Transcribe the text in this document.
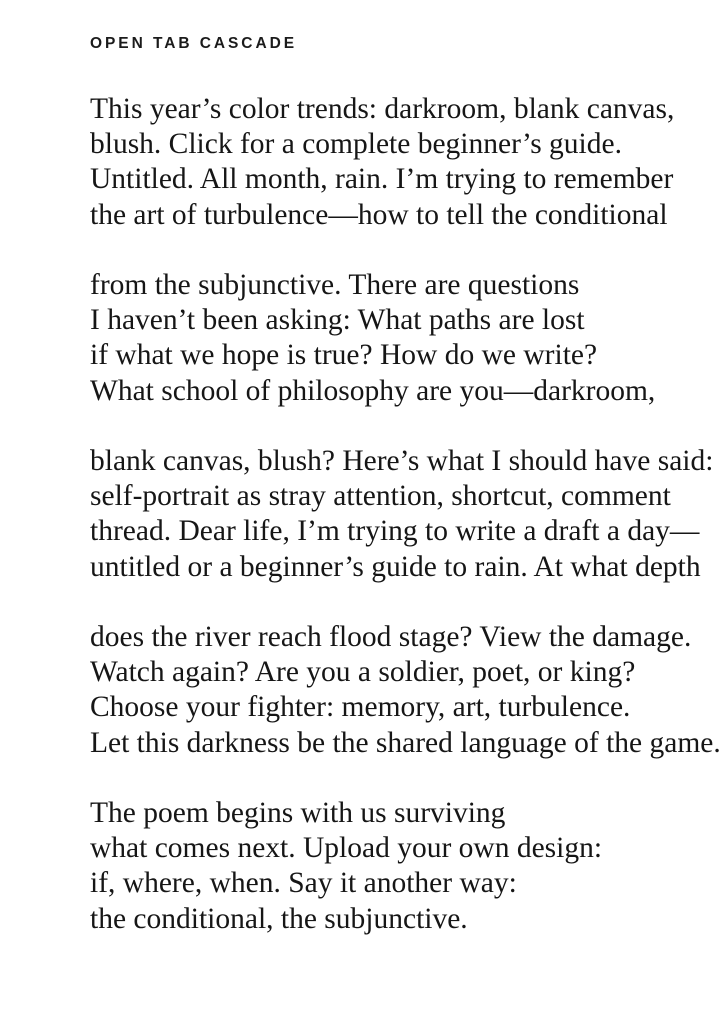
OPEN TAB CASCADE
This year’s color trends: darkroom, blank canvas,
blush. Click for a complete beginner’s guide.
Untitled. All month, rain. I’m trying to remember
the art of turbulence—how to tell the conditional
from the subjunctive. There are questions
I haven’t been asking: What paths are lost
if what we hope is true? How do we write?
What school of philosophy are you—darkroom,
blank canvas, blush? Here’s what I should have said:
self-portrait as stray attention, shortcut, comment
thread. Dear life, I’m trying to write a draft a day—
untitled or a beginner’s guide to rain. At what depth
does the river reach flood stage? View the damage.
Watch again? Are you a soldier, poet, or king?
Choose your fighter: memory, art, turbulence.
Let this darkness be the shared language of the game.
The poem begins with us surviving
what comes next. Upload your own design:
if, where, when. Say it another way:
the conditional, the subjunctive.
